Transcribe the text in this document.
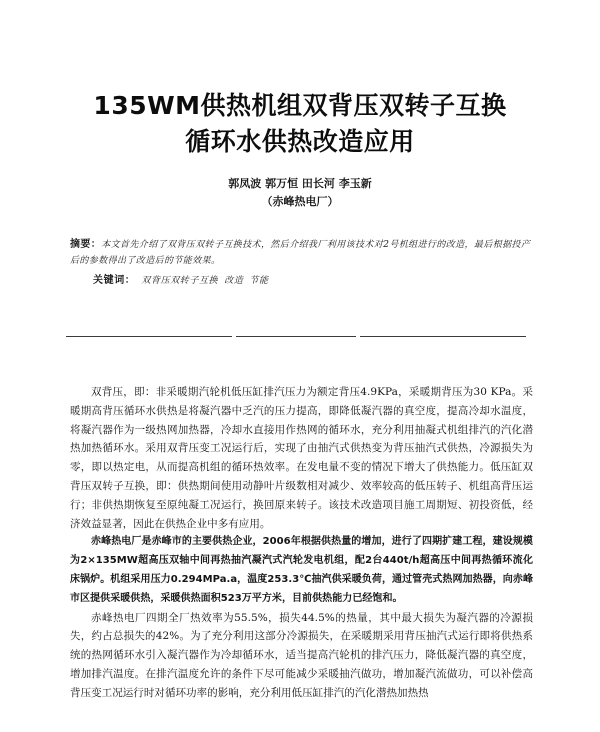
135WM供热机组双背压双转子互换
循环水供热改造应用
郭凤波 郭万恒 田长河 李玉新
（赤峰热电厂）
摘要：本文首先介绍了双背压双转子互换技术，然后介绍我厂利用该技术对2号机组进行的改造，最后根据投产后的参数得出了改造后的节能效果。
关键词： 双背压双转子互换 改造 节能

双背压，即：非采暖期汽轮机低压缸排汽压力为额定背压4.9KPa，采暖期背压为30 KPa。采暖期高背压循环水供热是将凝汽器中乏汽的压力提高，即降低凝汽器的真空度，提高冷却水温度，将凝汽器作为一级热网加热器，冷却水直接用作热网的循环水，充分利用抽凝式机组排汽的汽化潜热加热循环水。采用双背压变工况运行后，实现了由抽汽式供热变为背压抽汽式供热，冷源损失为零，即以热定电，从而提高机组的循环热效率。在发电量不变的情况下增大了供热能力。低压缸双背压双转子互换，即：供热期间使用动静叶片级数相对减少、效率较高的低压转子、机组高背压运行；非供热期恢复至原纯凝工况运行，换回原来转子。该技术改造项目施工周期短、初投资低，经济效益显著，因此在供热企业中多有应用。

赤峰热电厂是赤峰市的主要供热企业，2006年根据供热量的增加，进行了四期扩建工程，建设规模为2×135MW超高压双轴中间再热抽汽凝汽式汽轮发电机组，配2台440t/h超高压中间再热循环流化床锅炉。机组采用压力0.294MPa.a，温度253.3℃抽汽供采暖负荷，通过管壳式热网加热器，向赤峰市区提供采暖供热，采暖供热面积523万平方米，目前供热能力已经饱和。

赤峰热电厂四期全厂热效率为55.5%，损失44.5%的热量，其中最大损失为凝汽器的冷源损失，约占总损失的42%。为了充分利用这部分冷源损失，在采暖期采用背压抽汽式运行即将供热系统的热网循环水引入凝汽器作为冷却循环水，适当提高汽轮机的排汽压力，降低凝汽器的真空度，增加排汽温度。在排汽温度允许的条件下尽可能减少采暖抽汽做功，增加凝汽流做功，可以补偿高背压变工况运行时对循环功率的影响，充分利用低压缸排汽的汽化潜热加热热
